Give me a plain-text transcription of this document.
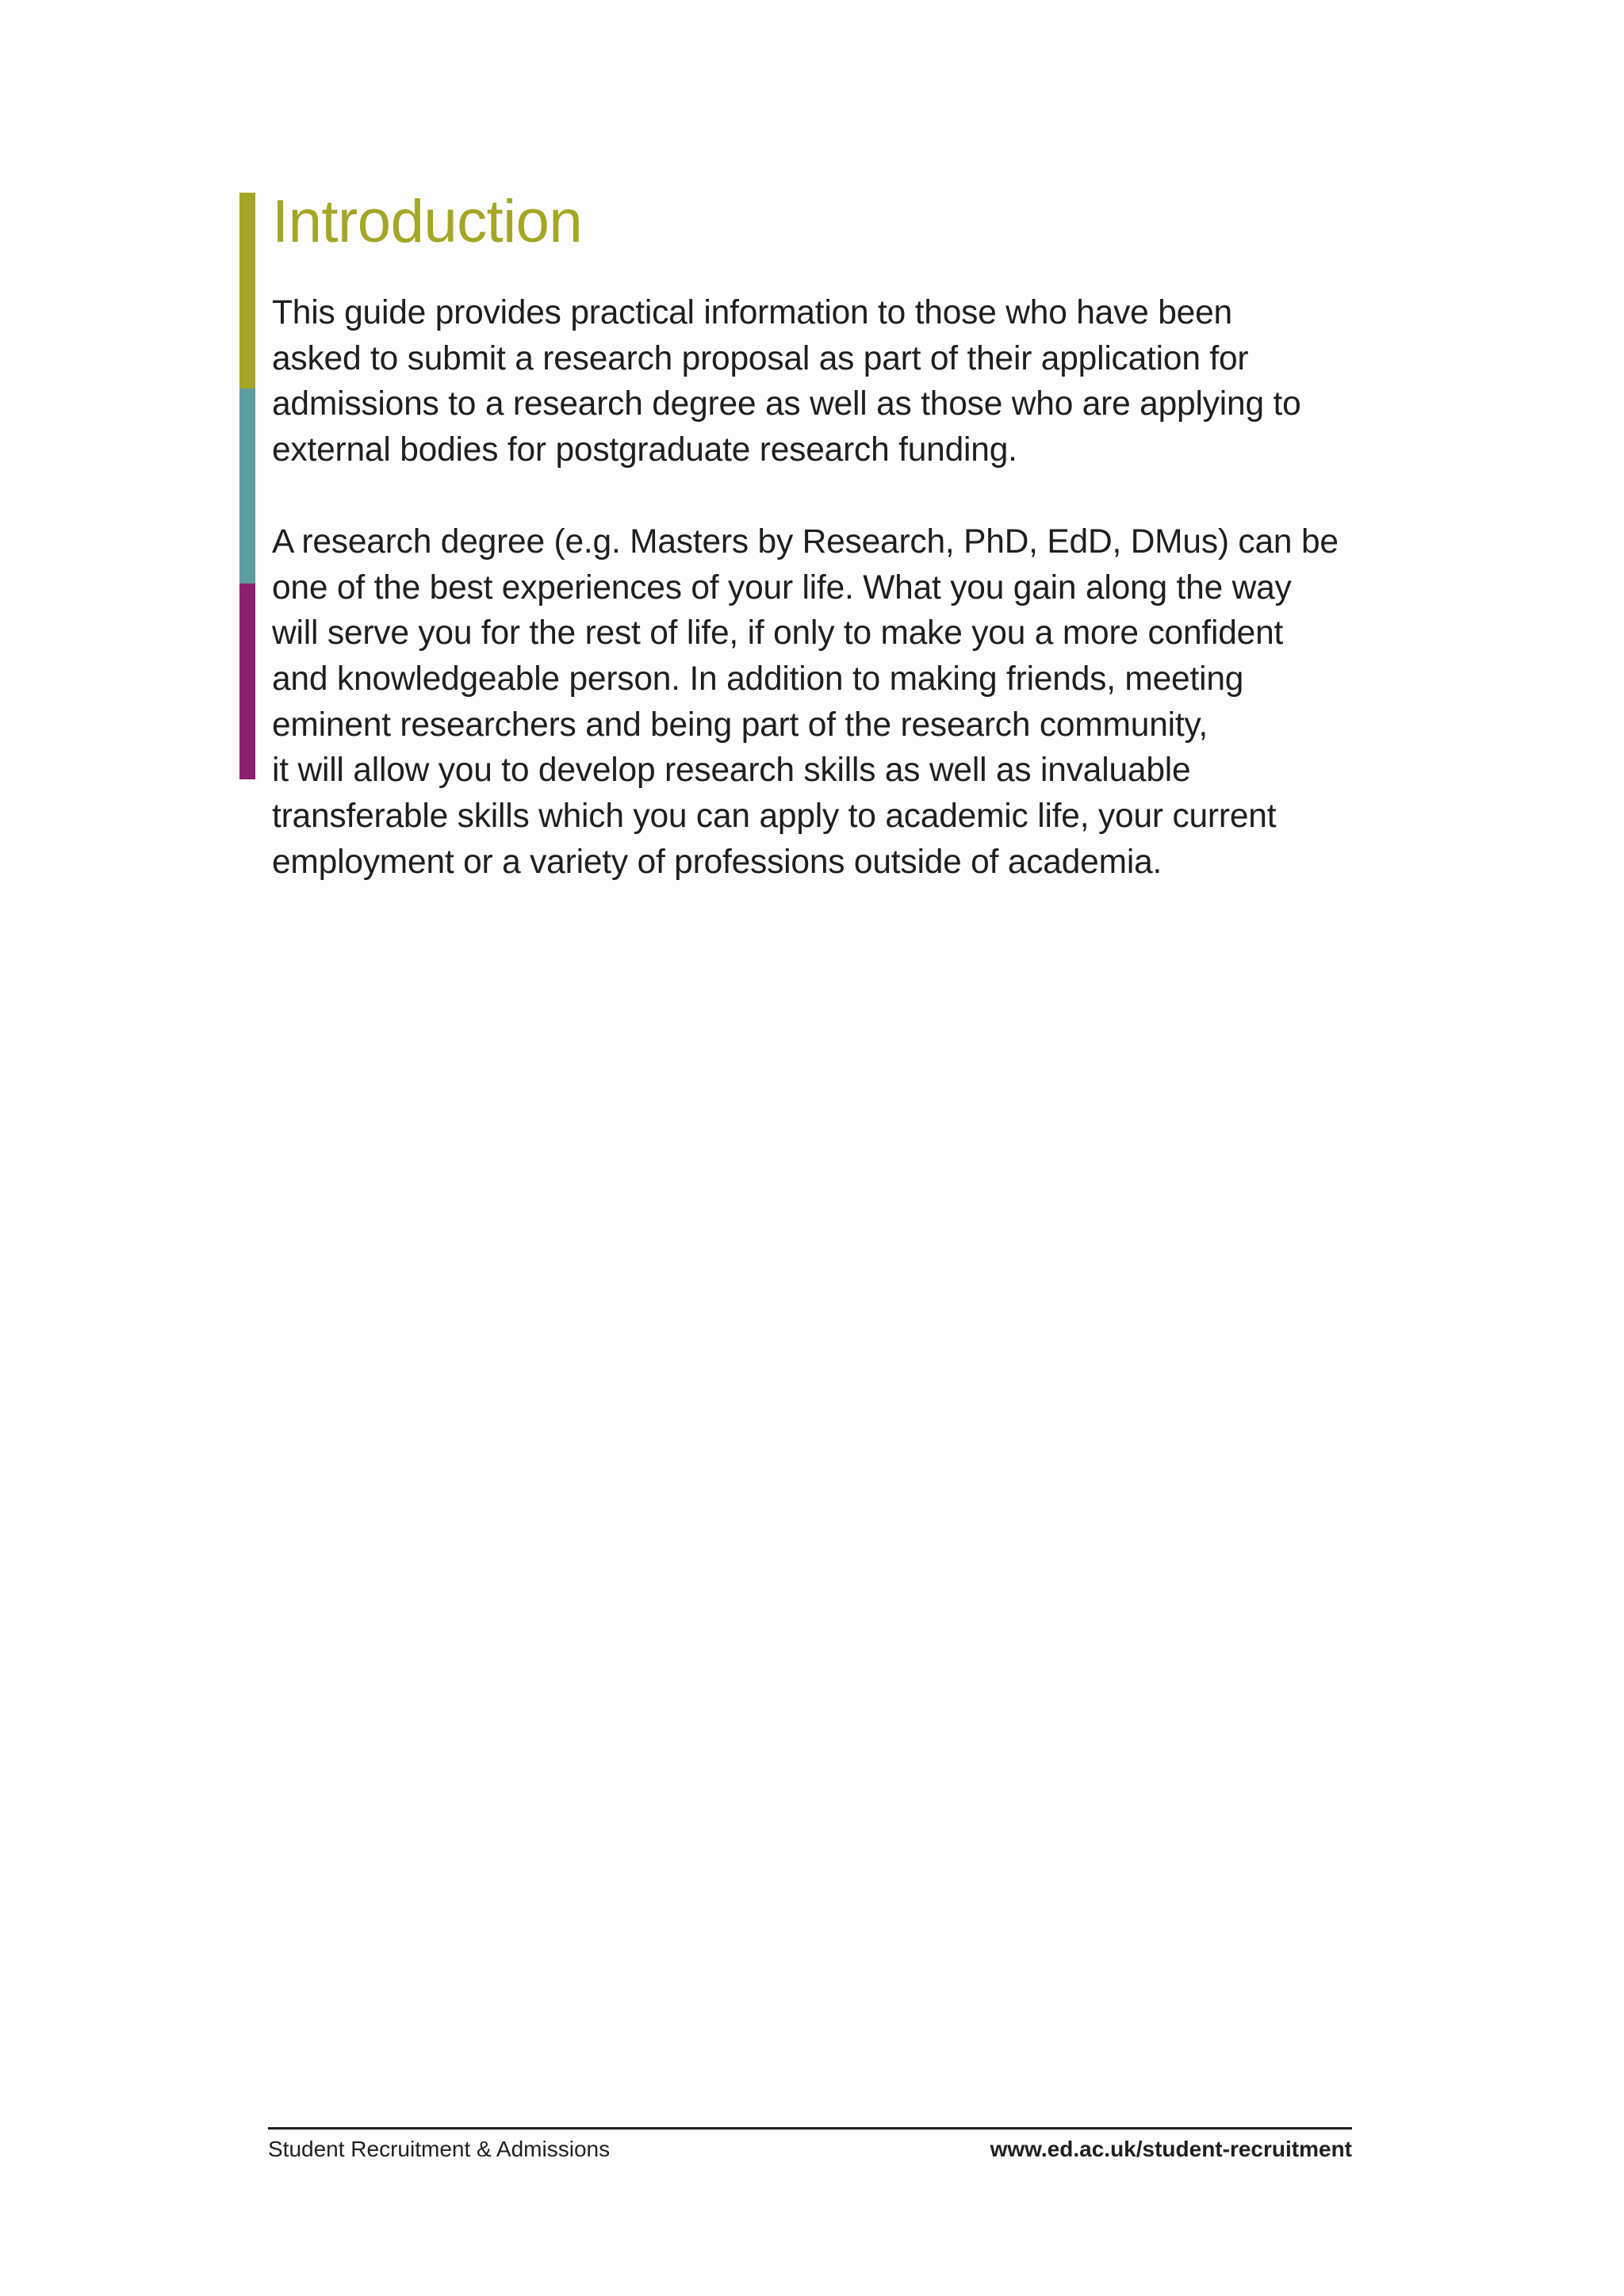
Introduction

This guide provides practical information to those who have been
asked to submit a research proposal as part of their application for
admissions to a research degree as well as those who are applying to
external bodies for postgraduate research funding.

A research degree (e.g. Masters by Research, PhD, EdD, DMus) can be
one of the best experiences of your life. What you gain along the way
will serve you for the rest of life, if only to make you a more confident
and knowledgeable person. In addition to making friends, meeting
eminent researchers and being part of the research community,
it will allow you to develop research skills as well as invaluable
transferable skills which you can apply to academic life, your current
employment or a variety of professions outside of academia.

Student Recruitment & Admissions	www.ed.ac.uk/student-recruitment
